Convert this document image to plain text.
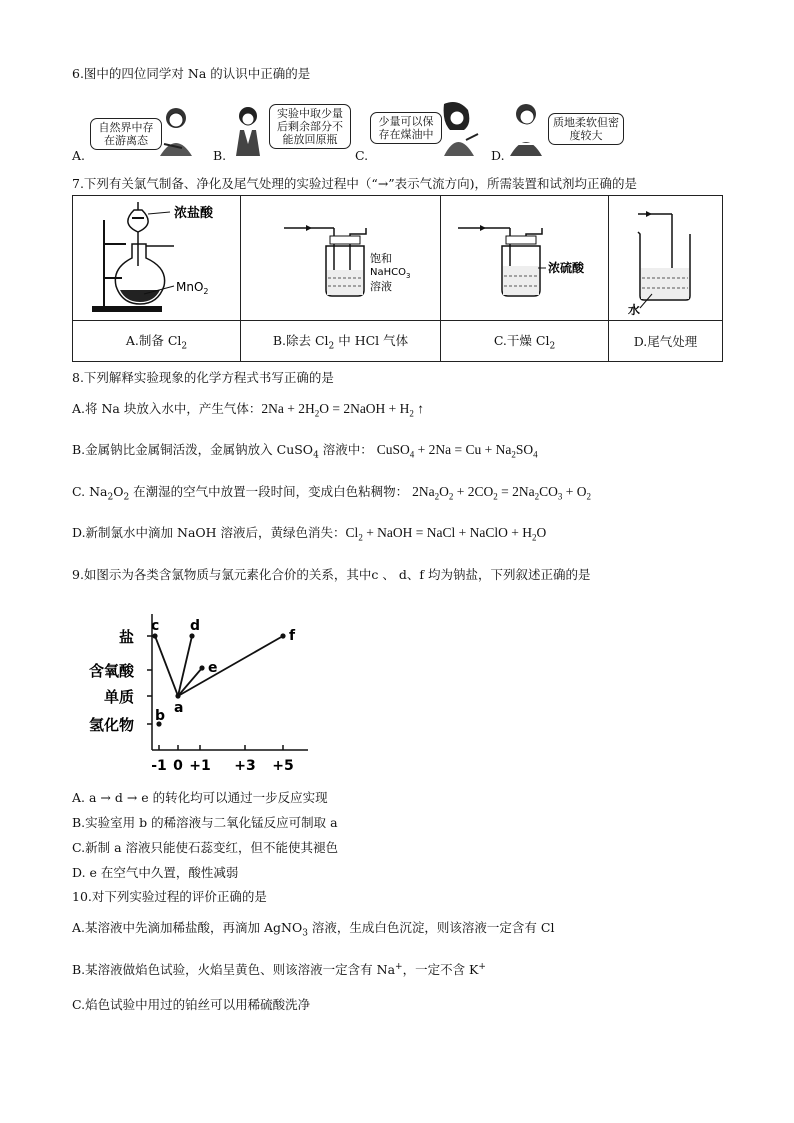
6.图中的四位同学对 Na 的认识中正确的是
A.
自然界中存在游离态
B.
实验中取少量后剩余部分不能放回原瓶
C.
少量可以保存在煤油中
D.
质地柔软但密度较大
7.下列有关氯气制备、净化及尾气处理的实验过程中（“→”表示气流方向)，所需装置和试剂均正确的是
浓盐酸
MnO$_2$	饱和
NaHCO$_3$
溶液	浓硫酸	水

A.制备 $Cl_2$	B.除去 $Cl_2$ 中 HCl 气体	C.干燥 $Cl_2$	D.尾气处理
8.下列解释实验现象的化学方程式书写正确的是
A.将 Na 块放入水中，产生气体：$2Na + 2H_2O$ = 2NaOH + $H_2$ ↑
B.金属钠比金属铜活泼，金属钠放入 CuSO$_4$ 溶液中： CuSO$_4$ + $2Na = Cu + Na_2SO_4$
C. $Na_2O_2$ 在潮湿的空气中放置一段时间，变成白色粘稠物： $2Na_2O_2 + 2CO_2 = 2Na_2CO_3 + O_2$
D.新制氯水中滴加 NaOH 溶液后，黄绿色消失：$Cl_2$ + NaOH = NaCl + NaClO + $H_2O$
9.如图示为各类含氯物质与氯元素化合价的关系，其中c 、 d、f 均为钠盐，下列叙述正确的是
氢化物
单质
含氧酸
盐
-1 0 +1 +3 +5
a
b
c d
e
f
A. a → d → e 的转化均可以通过一步反应实现
B.实验室用 b 的稀溶液与二氧化锰反应可制取 a
C.新制 a 溶液只能使石蕊变红，但不能使其褪色
D. e 在空气中久置，酸性减弱
10.对下列实验过程的评价正确的是
A.某溶液中先滴加稀盐酸，再滴加 AgNO$_3$ 溶液，生成白色沉淀，则该溶液一定含有 Cl
B.某溶液做焰色试验，火焰呈黄色、则该溶液一定含有 Na+，一定不含 K+
C.焰色试验中用过的铂丝可以用稀硫酸洗净
